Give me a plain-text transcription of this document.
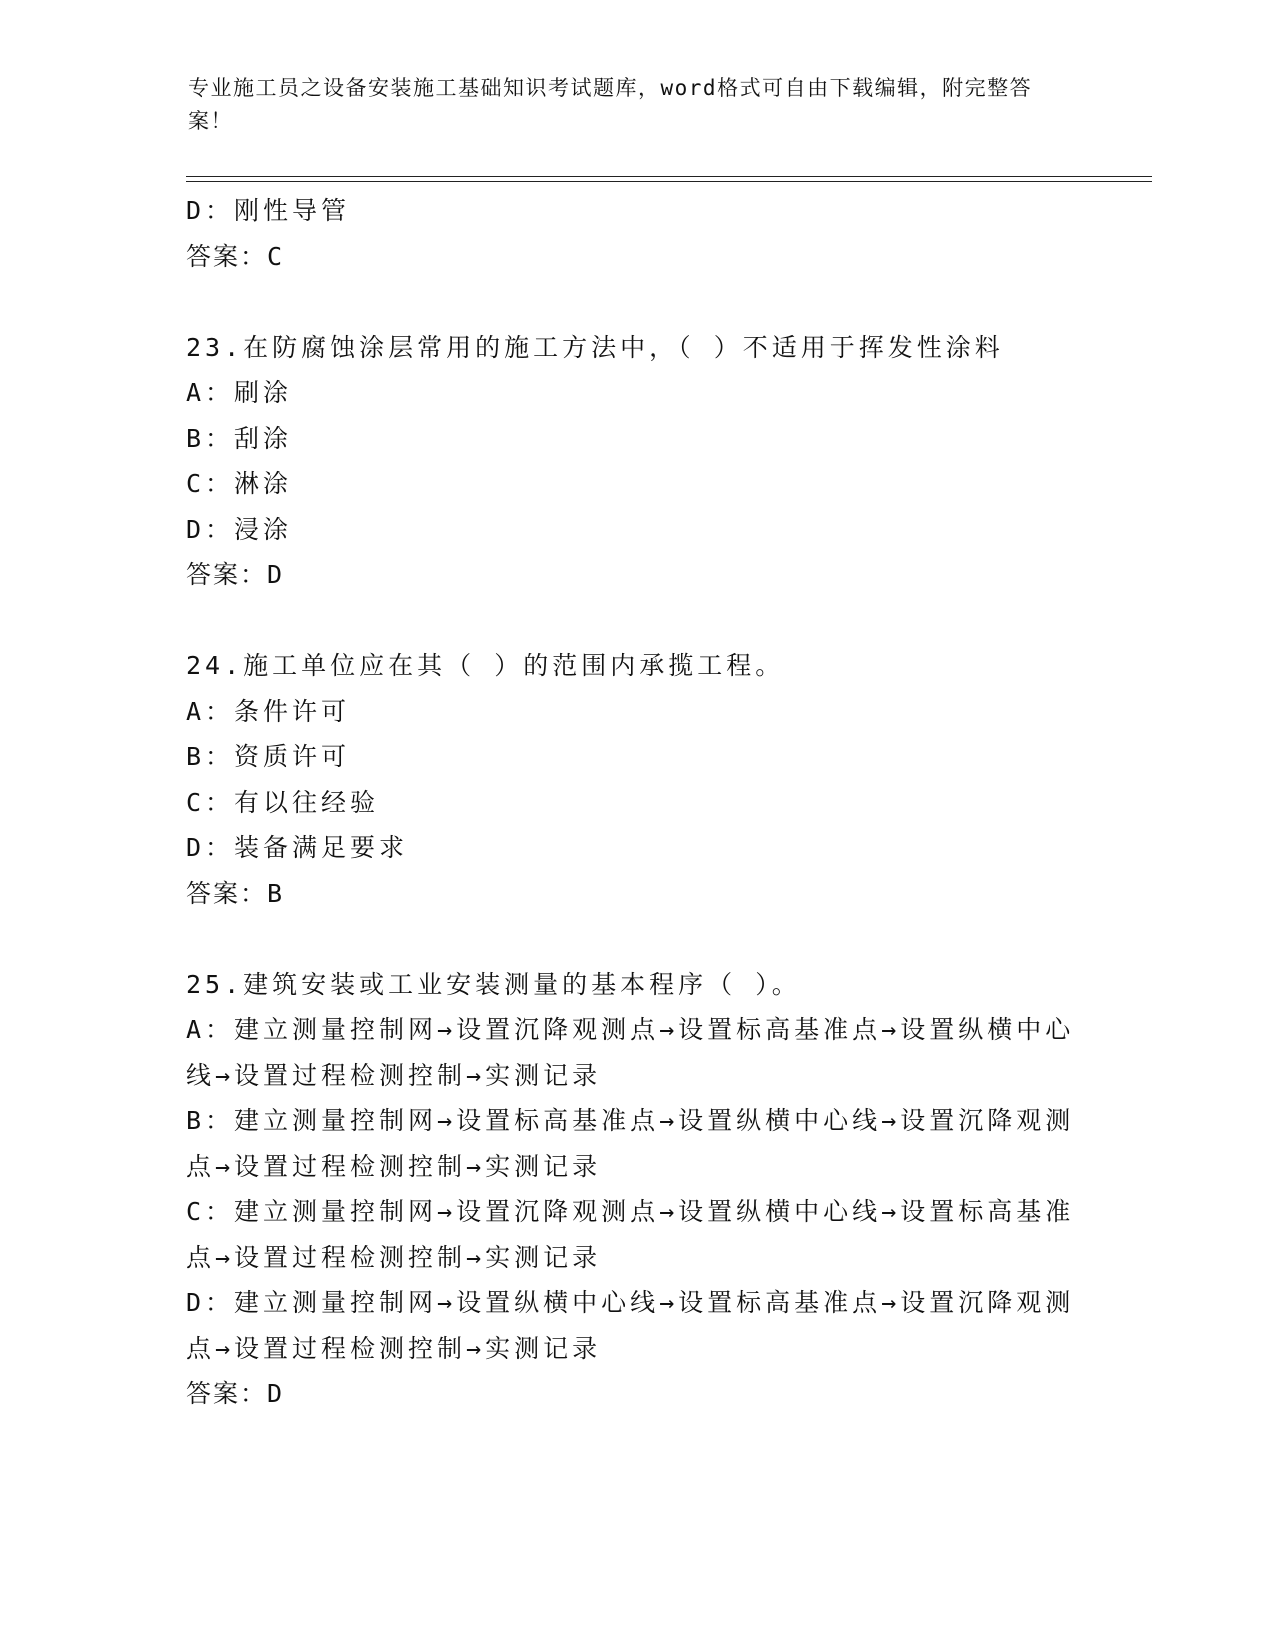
专业施工员之设备安装施工基础知识考试题库，word格式可自由下载编辑，附完整答案！

D：刚性导管

答案：C

23.在防腐蚀涂层常用的施工方法中，（ ）不适用于挥发性涂料

A：刷涂

B：刮涂

C：淋涂

D：浸涂

答案：D

24.施工单位应在其（ ）的范围内承揽工程。

A：条件许可

B：资质许可

C：有以往经验

D：装备满足要求

答案：B

25.建筑安装或工业安装测量的基本程序（ ）。

A：建立测量控制网→设置沉降观测点→设置标高基准点→设置纵横中心线→设置过程检测控制→实测记录

B：建立测量控制网→设置标高基准点→设置纵横中心线→设置沉降观测点→设置过程检测控制→实测记录

C：建立测量控制网→设置沉降观测点→设置纵横中心线→设置标高基准点→设置过程检测控制→实测记录

D：建立测量控制网→设置纵横中心线→设置标高基准点→设置沉降观测点→设置过程检测控制→实测记录

答案：D
